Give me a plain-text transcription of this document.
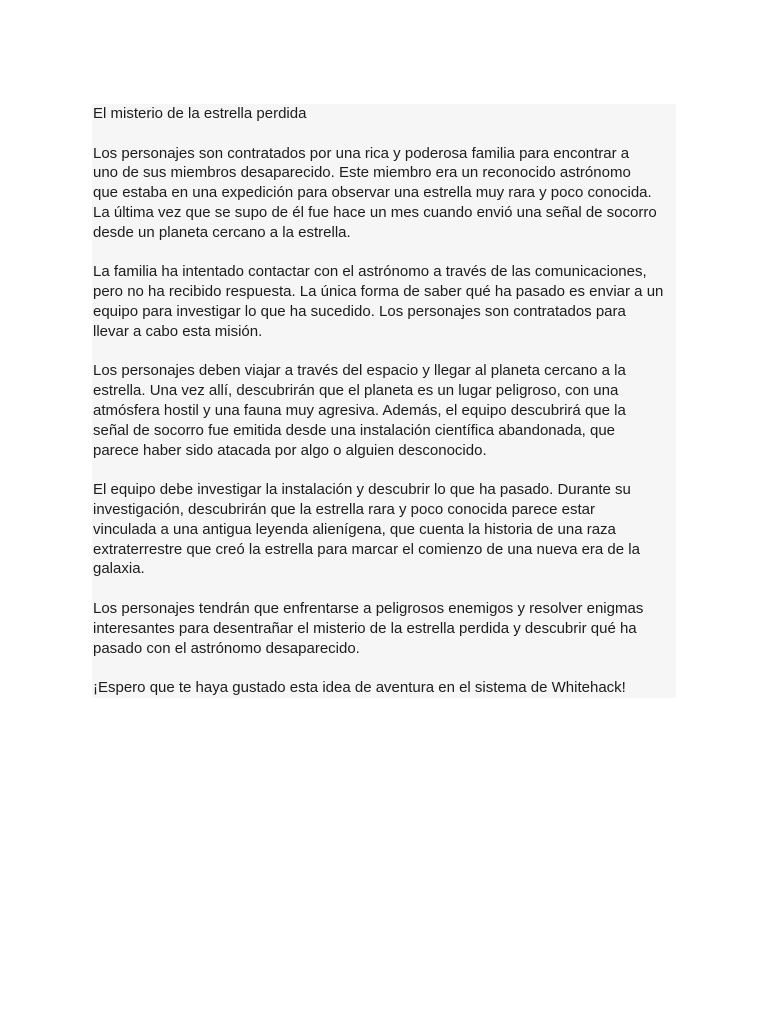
El misterio de la estrella perdida
Los personajes son contratados por una rica y poderosa familia para encontrar a
uno de sus miembros desaparecido. Este miembro era un reconocido astrónomo
que estaba en una expedición para observar una estrella muy rara y poco conocida.
La última vez que se supo de él fue hace un mes cuando envió una señal de socorro
desde un planeta cercano a la estrella.
La familia ha intentado contactar con el astrónomo a través de las comunicaciones,
pero no ha recibido respuesta. La única forma de saber qué ha pasado es enviar a un
equipo para investigar lo que ha sucedido. Los personajes son contratados para
llevar a cabo esta misión.
Los personajes deben viajar a través del espacio y llegar al planeta cercano a la
estrella. Una vez allí, descubrirán que el planeta es un lugar peligroso, con una
atmósfera hostil y una fauna muy agresiva. Además, el equipo descubrirá que la
señal de socorro fue emitida desde una instalación científica abandonada, que
parece haber sido atacada por algo o alguien desconocido.
El equipo debe investigar la instalación y descubrir lo que ha pasado. Durante su
investigación, descubrirán que la estrella rara y poco conocida parece estar
vinculada a una antigua leyenda alienígena, que cuenta la historia de una raza
extraterrestre que creó la estrella para marcar el comienzo de una nueva era de la
galaxia.
Los personajes tendrán que enfrentarse a peligrosos enemigos y resolver enigmas
interesantes para desentrañar el misterio de la estrella perdida y descubrir qué ha
pasado con el astrónomo desaparecido.
¡Espero que te haya gustado esta idea de aventura en el sistema de Whitehack!
